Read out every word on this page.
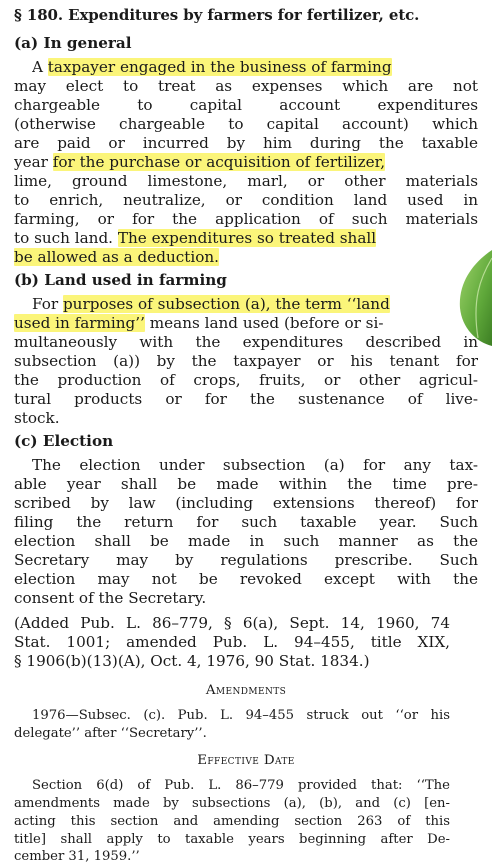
§ 180. Expenditures by farmers for fertilizer, etc.
(a) In general
A taxpayer engaged in the business of farming
may elect to treat as expenses which are not
chargeable to capital account expenditures
(otherwise chargeable to capital account) which
are paid or incurred by him during the taxable
year for the purchase or acquisition of fertilizer,
lime, ground limestone, marl, or other materials
to enrich, neutralize, or condition land used in
farming, or for the application of such materials
to such land. The expenditures so treated shall
be allowed as a deduction.
(b) Land used in farming
For purposes of subsection (a), the term ‘‘land
used in farming’’ means land used (before or si-
multaneously with the expenditures described in
subsection (a)) by the taxpayer or his tenant for
the production of crops, fruits, or other agricul-
tural products or for the sustenance of live-
stock.
(c) Election
The election under subsection (a) for any tax-
able year shall be made within the time pre-
scribed by law (including extensions thereof) for
filing the return for such taxable year. Such
election shall be made in such manner as the
Secretary may by regulations prescribe. Such
election may not be revoked except with the
consent of the Secretary.
(Added Pub. L. 86–779, § 6(a), Sept. 14, 1960, 74
Stat. 1001; amended Pub. L. 94–455, title XIX,
§ 1906(b)(13)(A), Oct. 4, 1976, 90 Stat. 1834.)
Amendments
1976—Subsec. (c). Pub. L. 94–455 struck out ‘‘or his
delegate’’ after ‘‘Secretary’’.
Effective Date
Section 6(d) of Pub. L. 86–779 provided that: ‘‘The
amendments made by subsections (a), (b), and (c) [en-
acting this section and amending section 263 of this
title] shall apply to taxable years beginning after De-
cember 31, 1959.’’
